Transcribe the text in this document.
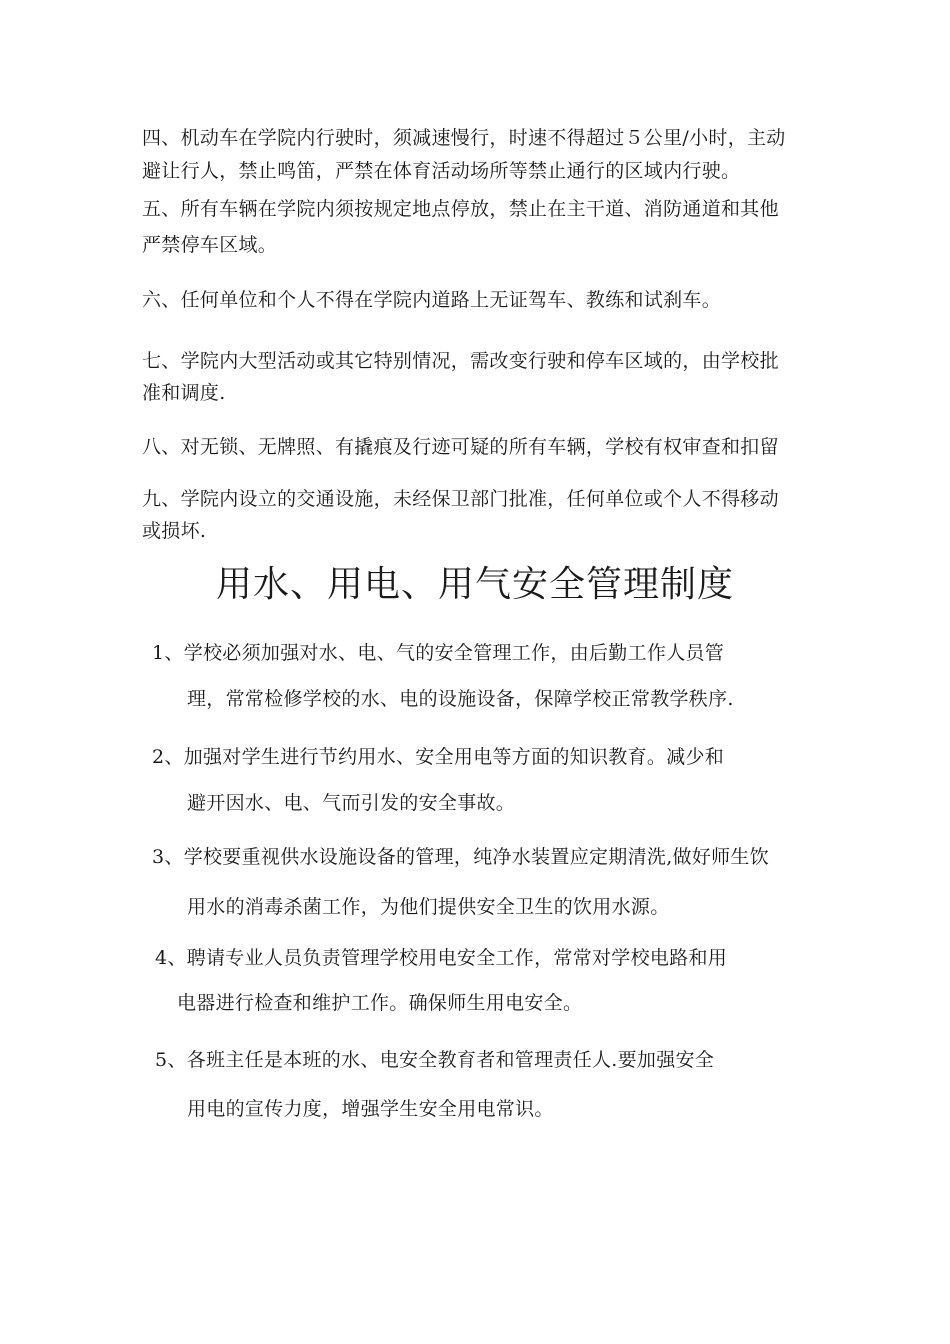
四、机动车在学院内行驶时，须减速慢行，时速不得超过５公里/小时，主动
避让行人，禁止鸣笛，严禁在体育活动场所等禁止通行的区域内行驶。
五、所有车辆在学院内须按规定地点停放，禁止在主干道、消防通道和其他
严禁停车区域。
六、任何单位和个人不得在学院内道路上无证驾车、教练和试刹车。
七、学院内大型活动或其它特别情况，需改变行驶和停车区域的，由学校批
准和调度.
八、对无锁、无牌照、有撬痕及行迹可疑的所有车辆，学校有权审查和扣留
九、学院内设立的交通设施，未经保卫部门批准，任何单位或个人不得移动
或损坏.
用水、用电、用气安全管理制度
1、学校必须加强对水、电、气的安全管理工作，由后勤工作人员管
理，常常检修学校的水、电的设施设备，保障学校正常教学秩序.
2、加强对学生进行节约用水、安全用电等方面的知识教育。减少和
避开因水、电、气而引发的安全事故。
3、学校要重视供水设施设备的管理，纯净水装置应定期清洗,做好师生饮
用水的消毒杀菌工作，为他们提供安全卫生的饮用水源。
4、聘请专业人员负责管理学校用电安全工作，常常对学校电路和用
电器进行检查和维护工作。确保师生用电安全。
5、各班主任是本班的水、电安全教育者和管理责任人.要加强安全
用电的宣传力度，增强学生安全用电常识。
